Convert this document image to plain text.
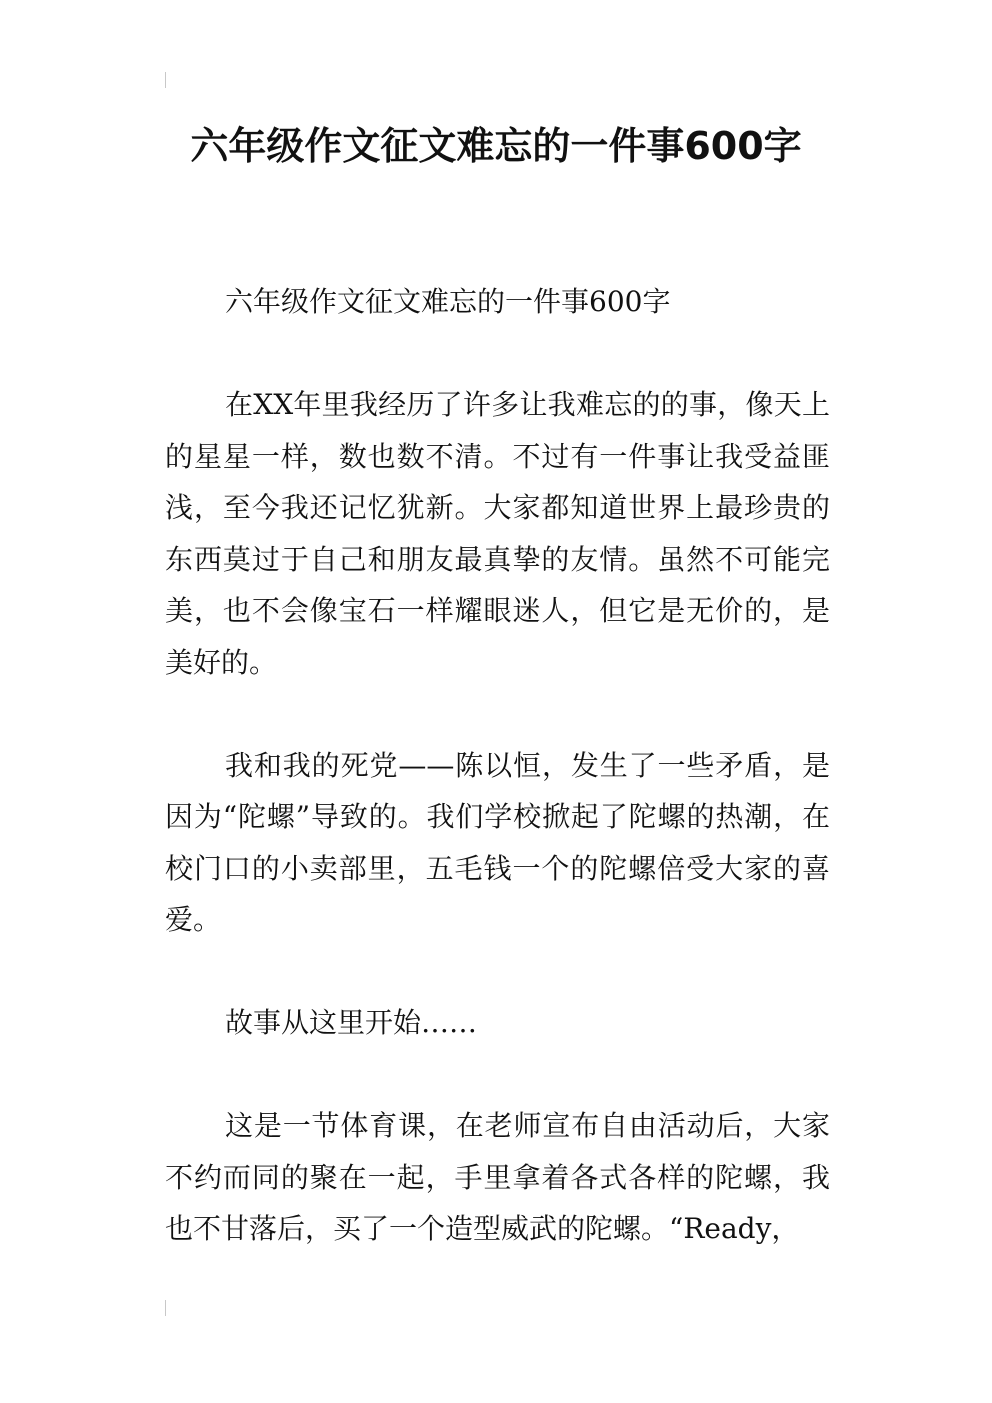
六年级作文征文难忘的一件事600字

六年级作文征文难忘的一件事600字

在XX年里我经历了许多让我难忘的的事，像天上的星星一样，数也数不清。不过有一件事让我受益匪浅，至今我还记忆犹新。大家都知道世界上最珍贵的东西莫过于自己和朋友最真挚的友情。虽然不可能完美，也不会像宝石一样耀眼迷人，但它是无价的，是美好的。

我和我的死党——陈以恒，发生了一些矛盾，是因为“陀螺”导致的。我们学校掀起了陀螺的热潮，在校门口的小卖部里，五毛钱一个的陀螺倍受大家的喜爱。

故事从这里开始……

这是一节体育课，在老师宣布自由活动后，大家不约而同的聚在一起，手里拿着各式各样的陀螺，我也不甘落后，买了一个造型威武的陀螺。“Ready，
